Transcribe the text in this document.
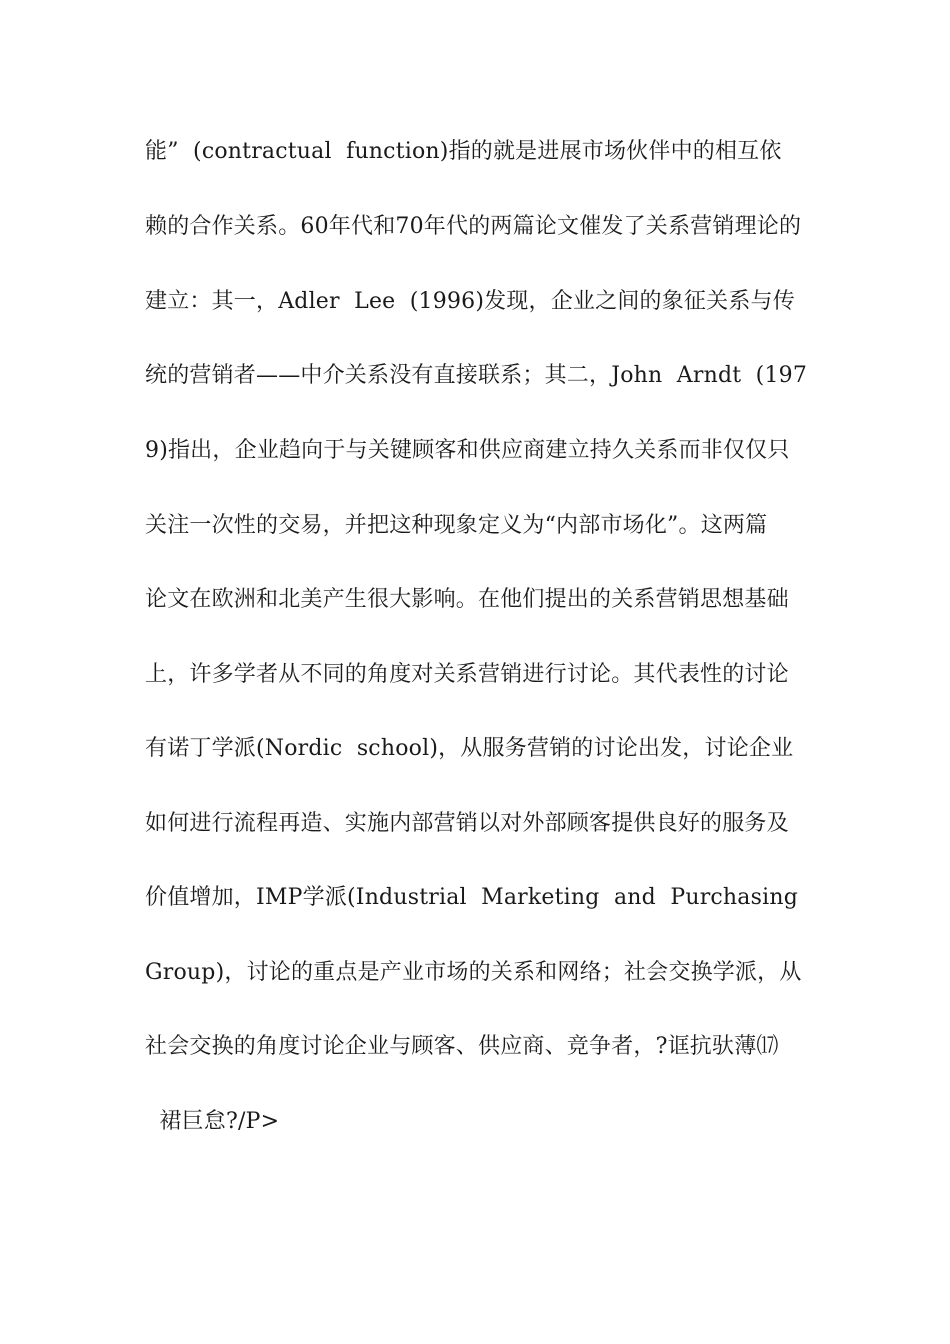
能”  (contractual  function)指的就是进展市场伙伴中的相互依
赖的合作关系。60年代和70年代的两篇论文催发了关系营销理论的
建立：其一，Adler  Lee  (1996)发现，企业之间的象征关系与传
统的营销者——中介关系没有直接联系；其二，John  Arndt  (197
9)指出，企业趋向于与关键顾客和供应商建立持久关系而非仅仅只
关注一次性的交易，并把这种现象定义为“内部市场化”。这两篇
论文在欧洲和北美产生很大影响。在他们提出的关系营销思想基础
上，许多学者从不同的角度对关系营销进行讨论。其代表性的讨论
有诺丁学派(Nordic  school)，从服务营销的讨论出发，讨论企业
如何进行流程再造、实施内部营销以对外部顾客提供良好的服务及
价值增加，IMP学派(Industrial  Marketing  and  Purchasing
Group)，讨论的重点是产业市场的关系和网络；社会交换学派，从
社会交换的角度讨论企业与顾客、供应商、竞争者，?诓抗驮薄⒄
裙巨怠?/P>
